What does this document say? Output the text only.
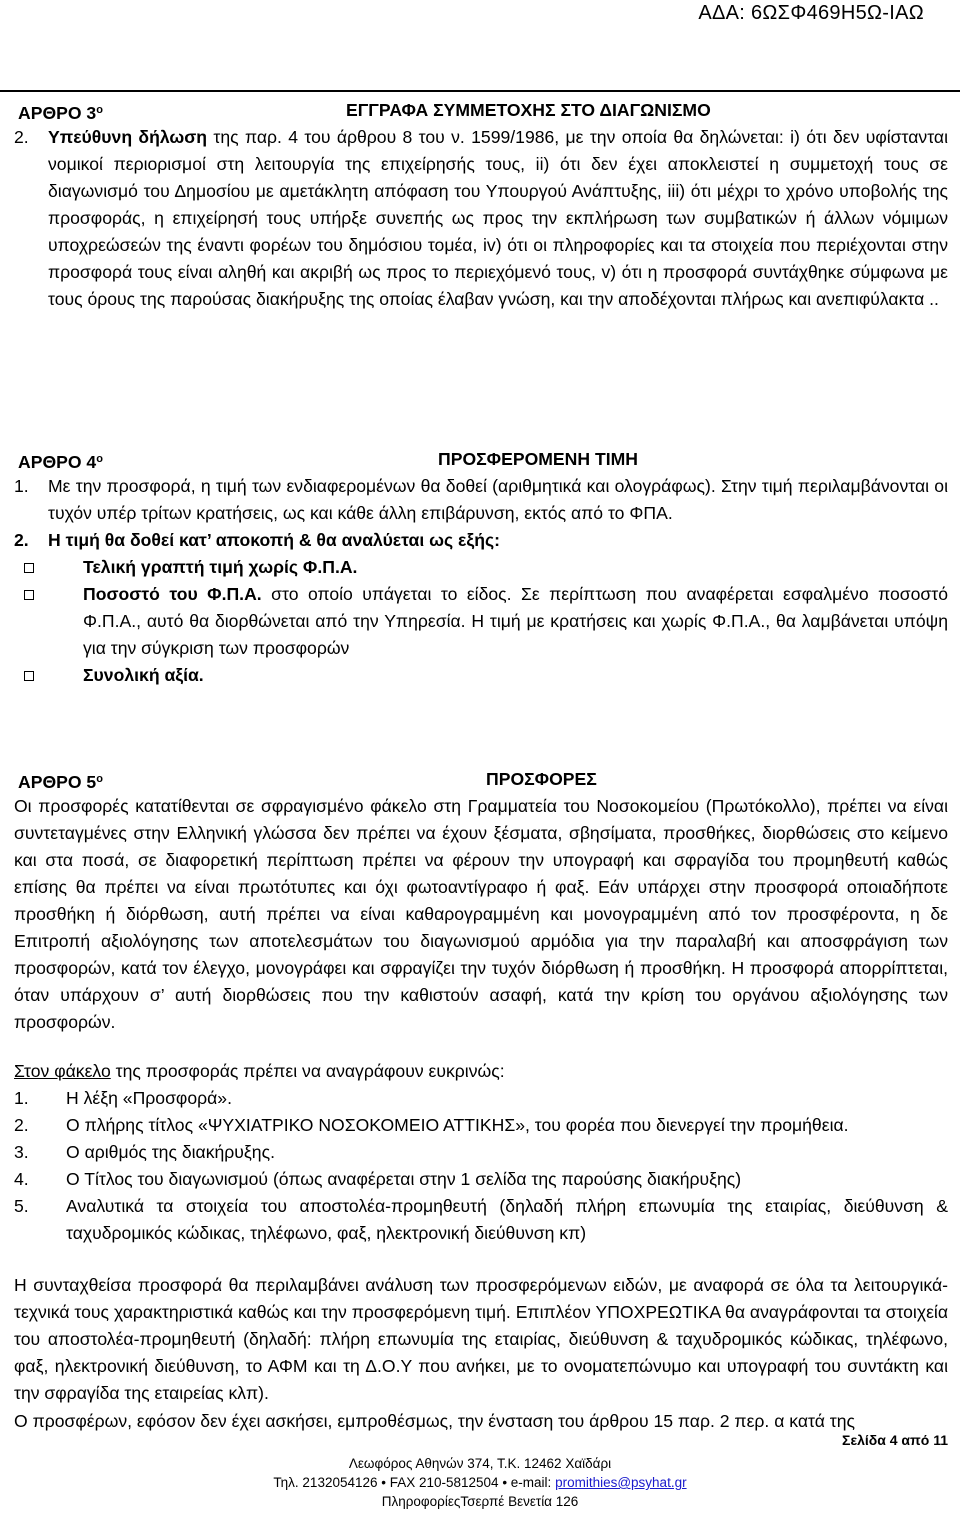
ΑΔΑ: 6ΩΣΦ469Η5Ω-ΙΑΩ
ΑΡΘΡΟ $3^o$	ΕΓΓΡΑΦΑ ΣΥΜΜΕΤΟΧΗΣ ΣΤΟ ΔΙΑΓΩΝΙΣΜΟ
2. Υπεύθυνη δήλωση της παρ. 4 του άρθρου 8 του ν. 1599/1986, με την οποία θα δηλώνεται: i) ότι δεν υφίστανται νομικοί περιορισμοί στη λειτουργία της επιχείρησής τους, ii) ότι δεν έχει αποκλειστεί η συμμετοχή τους σε διαγωνισμό του Δημοσίου με αμετάκλητη απόφαση του Υπουργού Ανάπτυξης, iii) ότι μέχρι το χρόνο υποβολής της προσφοράς, η επιχείρησή τους υπήρξε συνεπής ως προς την εκπλήρωση των συμβατικών ή άλλων νόμιμων υποχρεώσεών της έναντι φορέων του δημόσιου τομέα, iv) ότι οι πληροφορίες και τα στοιχεία που περιέχονται στην προσφορά τους είναι αληθή και ακριβή ως προς το περιεχόμενό τους, v) ότι η προσφορά συντάχθηκε σύμφωνα με τους όρους της παρούσας διακήρυξης της οποίας έλαβαν γνώση, και την αποδέχονται πλήρως και ανεπιφύλακτα ..
ΑΡΘΡΟ $4^o$	ΠΡΟΣΦΕΡΟΜΕΝΗ ΤΙΜΗ
1. Με την προσφορά, η τιμή των ενδιαφερομένων θα δοθεί (αριθμητικά και ολογράφως). Στην τιμή περιλαμβάνονται οι τυχόν υπέρ τρίτων κρατήσεις, ως και κάθε άλλη επιβάρυνση, εκτός από το ΦΠΑ.
2. Η τιμή θα δοθεί κατ’ αποκοπή & θα αναλύεται ως εξής:
Τελική γραπτή τιμή χωρίς Φ.Π.Α.
Ποσοστό του Φ.Π.Α. στο οποίο υπάγεται το είδος. Σε περίπτωση που αναφέρεται εσφαλμένο ποσοστό Φ.Π.Α., αυτό θα διορθώνεται από την Υπηρεσία. Η τιμή με κρατήσεις και χωρίς Φ.Π.Α., θα λαμβάνεται υπόψη για την σύγκριση των προσφορών
Συνολική αξία.
ΑΡΘΡΟ $5^o$	ΠΡΟΣΦΟΡΕΣ

Οι προσφορές κατατίθενται σε σφραγισμένο φάκελο στη Γραμματεία του Νοσοκομείου (Πρωτόκολλο), πρέπει να είναι συντεταγμένες στην Ελληνική γλώσσα δεν πρέπει να έχουν ξέσματα, σβησίματα, προσθήκες, διορθώσεις στο κείμενο και στα ποσά, σε διαφορετική περίπτωση πρέπει να φέρουν την υπογραφή και σφραγίδα του προμηθευτή καθώς επίσης θα πρέπει να είναι πρωτότυπες και όχι φωτοαντίγραφο ή φαξ. Εάν υπάρχει στην προσφορά οποιαδήποτε προσθήκη ή διόρθωση, αυτή πρέπει να είναι καθαρογραμμένη και μονογραμμένη από τον προσφέροντα, η δε Επιτροπή αξιολόγησης των αποτελεσμάτων του διαγωνισμού αρμόδια για την παραλαβή και αποσφράγιση των προσφορών, κατά τον έλεγχο, μονογράφει και σφραγίζει την τυχόν διόρθωση ή προσθήκη. Η προσφορά απορρίπτεται, όταν υπάρχουν σ’ αυτή διορθώσεις που την καθιστούν ασαφή, κατά την κρίση του οργάνου αξιολόγησης των προσφορών.

Στον φάκελο της προσφοράς πρέπει να αναγράφουν ευκρινώς:

1. Η λέξη «Προσφορά».
2. Ο πλήρης τίτλος «ΨΥΧΙΑΤΡΙΚΟ ΝΟΣΟΚΟΜΕΙΟ ΑΤΤΙΚΗΣ», του φορέα που διενεργεί την προμήθεια.
3. Ο αριθμός της διακήρυξης.
4. Ο Τίτλος του διαγωνισμού (όπως αναφέρεται στην 1 σελίδα της παρούσης διακήρυξης)
5. Αναλυτικά τα στοιχεία του αποστολέα-προμηθευτή (δηλαδή πλήρη επωνυμία της εταιρίας, διεύθυνση & ταχυδρομικός κώδικας, τηλέφωνο, φαξ, ηλεκτρονική διεύθυνση κπ)

Η συνταχθείσα προσφορά θα περιλαμβάνει ανάλυση των προσφερόμενων ειδών, με αναφορά σε όλα τα λειτουργικά-τεχνικά τους χαρακτηριστικά καθώς και την προσφερόμενη τιμή. Επιπλέον ΥΠΟΧΡΕΩΤΙΚΑ θα αναγράφονται τα στοιχεία του αποστολέα-προμηθευτή (δηλαδή: πλήρη επωνυμία της εταιρίας, διεύθυνση & ταχυδρομικός κώδικας, τηλέφωνο, φαξ, ηλεκτρονική διεύθυνση, το ΑΦΜ και τη Δ.Ο.Υ που ανήκει, με το ονοματεπώνυμο και υπογραφή του συντάκτη και την σφραγίδα της εταιρείας κλπ).

Ο προσφέρων, εφόσον δεν έχει ασκήσει, εμπροθέσμως, την ένσταση του άρθρου 15 παρ. 2 περ. α κατά της

Σελίδα 4 από 11
Λεωφόρος Αθηνών 374, Τ.Κ. 12462 Χαϊδάρι
Τηλ. 2132054126 • FAX 210-5812504 • e-mail: promithies@psyhat.gr
ΠληροφορίεςΤσερπέ Βενετία 126
